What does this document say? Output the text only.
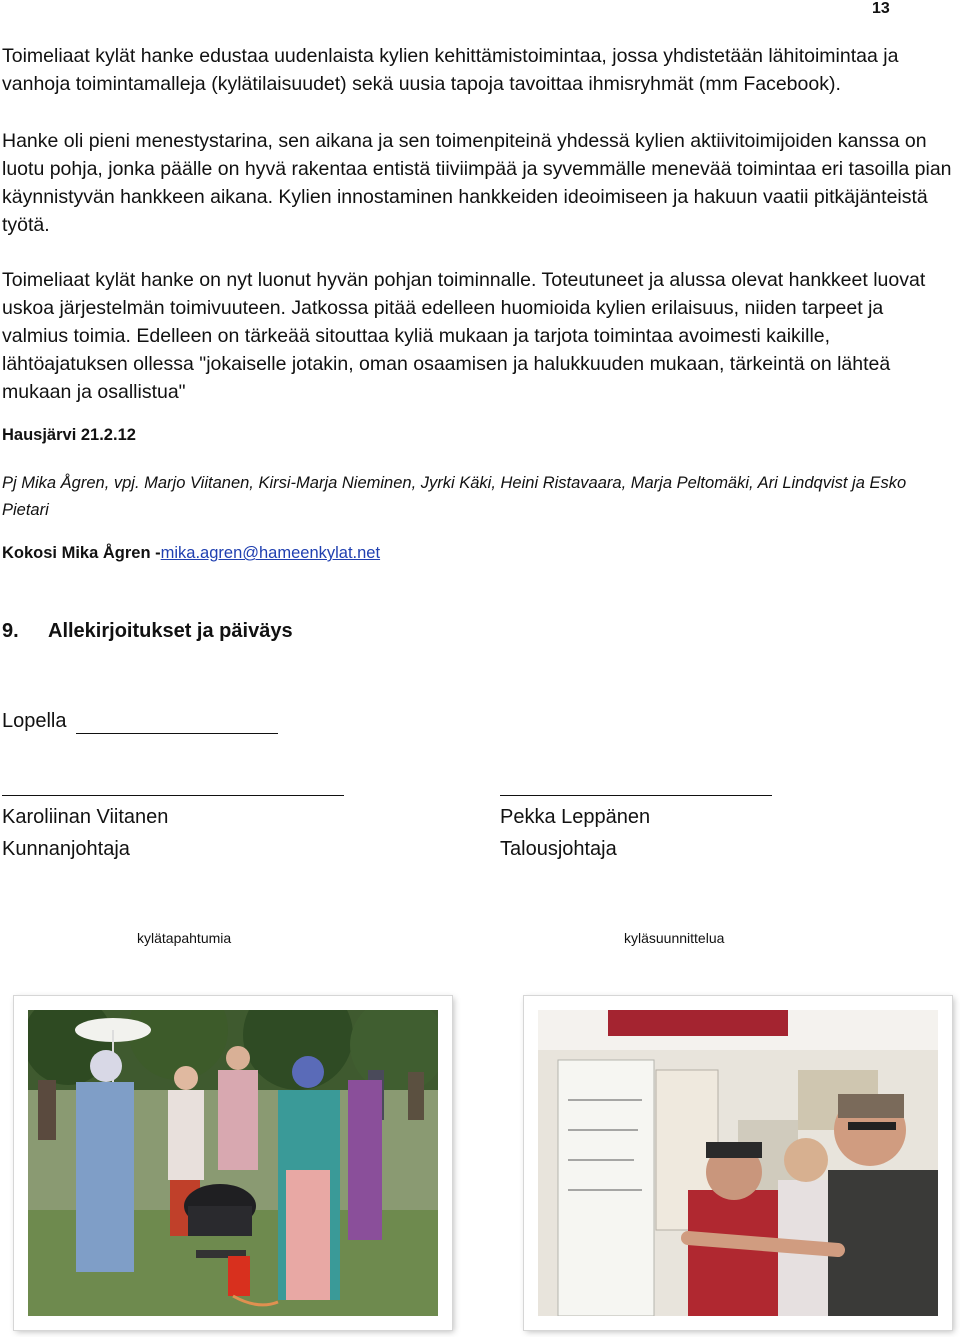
13

Toimeliaat kylät hanke edustaa uudenlaista kylien kehittämistoimintaa, jossa yhdistetään lähitoimintaa ja vanhoja toimintamalleja (kylätilaisuudet) sekä uusia tapoja tavoittaa ihmisryhmät (mm Facebook).

Hanke oli pieni menestystarina, sen aikana ja sen toimenpiteinä yhdessä kylien aktiivitoimijoiden kanssa on luotu pohja, jonka päälle on hyvä rakentaa entistä tiiviimpää ja syvemmälle menevää toimintaa eri tasoilla pian käynnistyvän hankkeen aikana. Kylien innostaminen hankkeiden ideoimiseen ja hakuun vaatii pitkäjänteistä työtä.

Toimeliaat kylät hanke on nyt luonut hyvän pohjan toiminnalle. Toteutuneet ja alussa olevat hankkeet luovat uskoa järjestelmän toimivuuteen. Jatkossa pitää edelleen huomioida kylien erilaisuus, niiden tarpeet ja valmius toimia. Edelleen on tärkeää sitouttaa kyliä mukaan ja tarjota toimintaa avoimesti kaikille, lähtöajatuksen ollessa "jokaiselle jotakin, oman osaamisen ja halukkuuden mukaan, tärkeintä on lähteä mukaan ja osallistua"

Hausjärvi 21.2.12

Pj Mika Ågren, vpj. Marjo Viitanen, Kirsi-Marja Nieminen, Jyrki Käki, Heini Ristavaara, Marja Peltomäki, Ari Lindqvist ja Esko Pietari

Kokosi Mika Ågren -mika.agren@hameenkylat.net

9. Allekirjoitukset ja päiväys
Lopella
Karoliinan Viitanen
Kunnanjohtaja
Pekka Leppänen
Talousjohtaja
kylätapahtumia	kyläsuunnittelua
